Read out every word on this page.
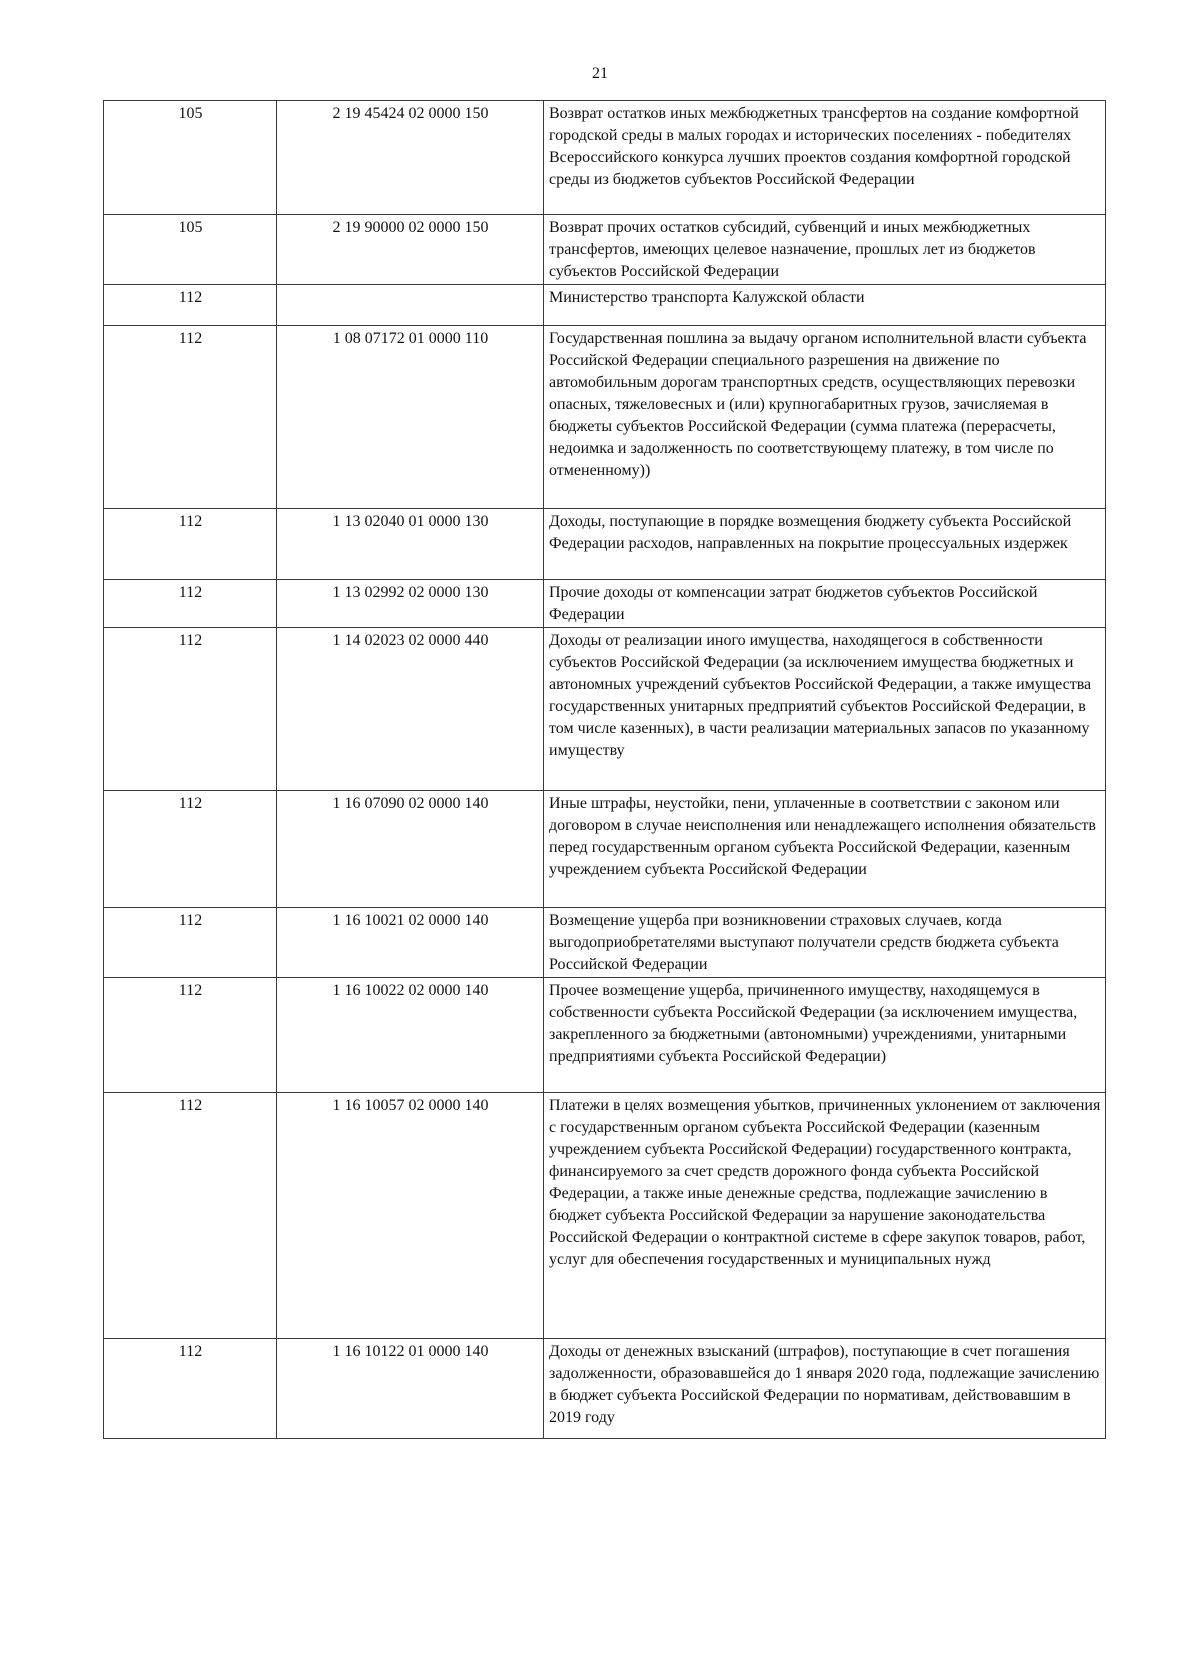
21
105	2 19 45424 02 0000 150	Возврат остатков иных межбюджетных трансфертов на создание комфортной городской среды в малых городах и исторических поселениях - победителях Всероссийского конкурса лучших проектов создания комфортной городской среды из бюджетов субъектов Российской Федерации
105	2 19 90000 02 0000 150	Возврат прочих остатков субсидий, субвенций и иных межбюджетных трансфертов, имеющих целевое назначение, прошлых лет из бюджетов субъектов Российской Федерации
112		Министерство транспорта Калужской области
112	1 08 07172 01 0000 110	Государственная пошлина за выдачу органом исполнительной власти субъекта Российской Федерации специального разрешения на движение по автомобильным дорогам транспортных средств, осуществляющих перевозки опасных, тяжеловесных и (или) крупногабаритных грузов, зачисляемая в бюджеты субъектов Российской Федерации (сумма платежа (перерасчеты, недоимка и задолженность по соответствующему платежу, в том числе по отмененному))
112	1 13 02040 01 0000 130	Доходы, поступающие в порядке возмещения бюджету субъекта Российской Федерации расходов, направленных на покрытие процессуальных издержек
112	1 13 02992 02 0000 130	Прочие доходы от компенсации затрат бюджетов субъектов Российской Федерации
112	1 14 02023 02 0000 440	Доходы от реализации иного имущества, находящегося в собственности субъектов Российской Федерации (за исключением имущества бюджетных и автономных учреждений субъектов Российской Федерации, а также имущества государственных унитарных предприятий субъектов Российской Федерации, в том числе казенных), в части реализации материальных запасов по указанному имуществу
112	1 16 07090 02 0000 140	Иные штрафы, неустойки, пени, уплаченные в соответствии с законом или договором в случае неисполнения или ненадлежащего исполнения обязательств перед государственным органом субъекта Российской Федерации, казенным учреждением субъекта Российской Федерации
112	1 16 10021 02 0000 140	Возмещение ущерба при возникновении страховых случаев, когда выгодоприобретателями выступают получатели средств бюджета субъекта Российской Федерации
112	1 16 10022 02 0000 140	Прочее возмещение ущерба, причиненного имуществу, находящемуся в собственности субъекта Российской Федерации (за исключением имущества, закрепленного за бюджетными (автономными) учреждениями, унитарными предприятиями субъекта Российской Федерации)
112	1 16 10057 02 0000 140	Платежи в целях возмещения убытков, причиненных уклонением от заключения с государственным органом субъекта Российской Федерации (казенным учреждением субъекта Российской Федерации) государственного контракта, финансируемого за счет средств дорожного фонда субъекта Российской Федерации, а также иные денежные средства, подлежащие зачислению в бюджет субъекта Российской Федерации за нарушение законодательства Российской Федерации о контрактной системе в сфере закупок товаров, работ, услуг для обеспечения государственных и муниципальных нужд
112	1 16 10122 01 0000 140	Доходы от денежных взысканий (штрафов), поступающие в счет погашения задолженности, образовавшейся до 1 января 2020 года, подлежащие зачислению в бюджет субъекта Российской Федерации по нормативам, действовавшим в 2019 году
